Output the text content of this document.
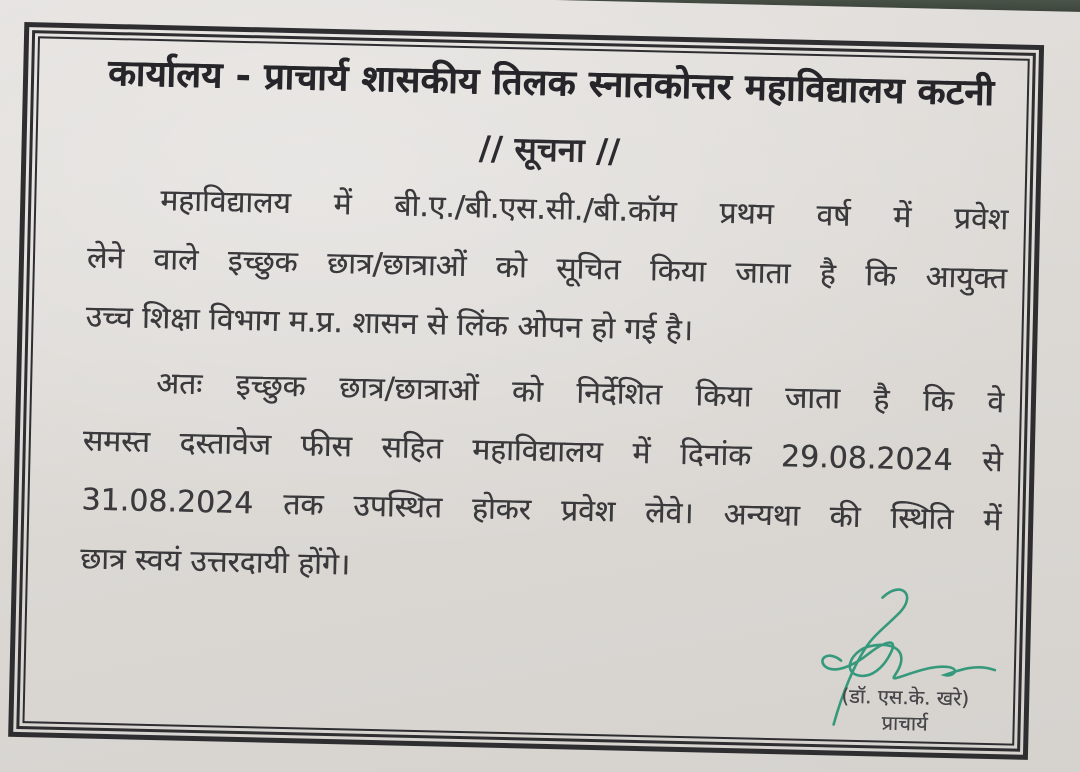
कार्यालय - प्राचार्य शासकीय तिलक स्नातकोत्तर महाविद्यालय कटनी
// सूचना //
महाविद्यालय में बी.ए./बी.एस.सी./बी.कॉम प्रथम वर्ष में प्रवेश
लेने वाले इच्छुक छात्र/छात्राओं को सूचित किया जाता है कि आयुक्त
उच्च शिक्षा विभाग म.प्र. शासन से लिंक ओपन हो गई है।
अतः इच्छुक छात्र/छात्राओं को निर्देशित किया जाता है कि वे
समस्त दस्तावेज फीस सहित महाविद्यालय में दिनांक 29.08.2024 से
31.08.2024 तक उपस्थित होकर प्रवेश लेवे। अन्यथा की स्थिति में
छात्र स्वयं उत्तरदायी होंगे।
(डॉ. एस.के. खरे)
प्राचार्य
